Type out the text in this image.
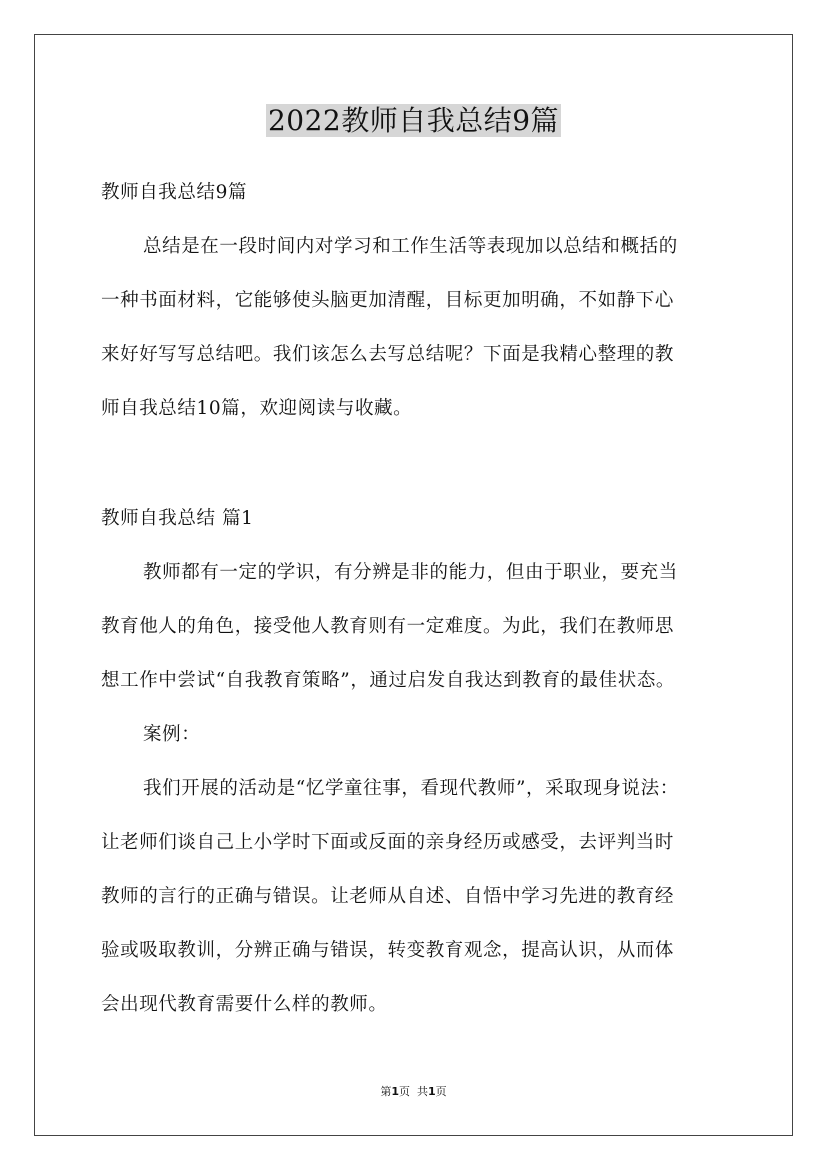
2022教师自我总结9篇
教师自我总结9篇
总结是在一段时间内对学习和工作生活等表现加以总结和概括的
一种书面材料，它能够使头脑更加清醒，目标更加明确，不如静下心
来好好写写总结吧。我们该怎么去写总结呢？下面是我精心整理的教
师自我总结10篇，欢迎阅读与收藏。
教师自我总结 篇1
教师都有一定的学识，有分辨是非的能力，但由于职业，要充当
教育他人的角色，接受他人教育则有一定难度。为此，我们在教师思
想工作中尝试“自我教育策略”，通过启发自我达到教育的最佳状态。
案例：
我们开展的活动是“忆学童往事，看现代教师”，采取现身说法：
让老师们谈自己上小学时下面或反面的亲身经历或感受，去评判当时
教师的言行的正确与错误。让老师从自述、自悟中学习先进的教育经
验或吸取教训，分辨正确与错误，转变教育观念，提高认识，从而体
会出现代教育需要什么样的教师。
第1页  共1页
